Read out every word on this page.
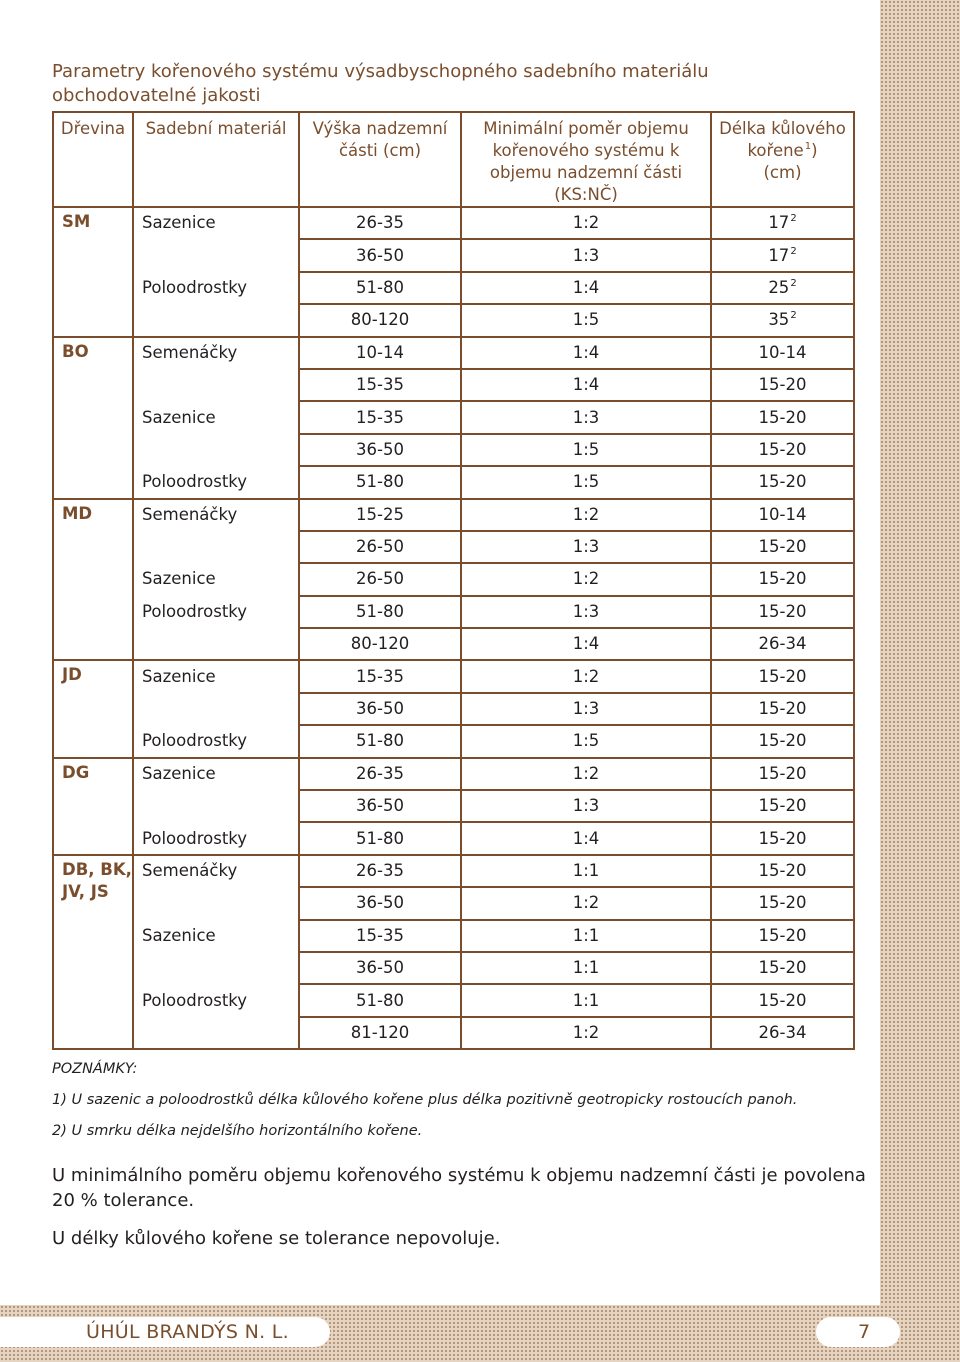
Parametry kořenového systému výsadbyschopného sadebního materiálu obchodovatelné jakosti
Dřevina	Sadební materiál	Výška nadzemní části (cm)	Minimální poměr objemu kořenového systému k objemu nadzemní části (KS:NČ)	Délka kůlového kořene$^1$)
(cm)
SM	Sazenice	26-35	1:2	$17^2$
		36-50	1:3	$17^2$
	Poloodrostky	51-80	1:4	$25^2$
		80-120	1:5	$35^2$
BO	Semenáčky	10-14	1:4	10-14
		15-35	1:4	15-20
	Sazenice	15-35	1:3	15-20
		36-50	1:5	15-20
	Poloodrostky	51-80	1:5	15-20
MD	Semenáčky	15-25	1:2	10-14
		26-50	1:3	15-20
	Sazenice	26-50	1:2	15-20
	Poloodrostky	51-80	1:3	15-20
		80-120	1:4	26-34
JD	Sazenice	15-35	1:2	15-20
		36-50	1:3	15-20
	Poloodrostky	51-80	1:5	15-20
DG	Sazenice	26-35	1:2	15-20
		36-50	1:3	15-20
	Poloodrostky	51-80	1:4	15-20
DB, BK, JV, JS	Semenáčky	26-35	1:1	15-20
		36-50	1:2	15-20
	Sazenice	15-35	1:1	15-20
		36-50	1:1	15-20
	Poloodrostky	51-80	1:1	15-20
		81-120	1:2	26-34
POZNÁMKY:
1) U sazenic a poloodrostků délka kůlového kořene plus délka pozitivně geotropicky rostoucích panoh.
2) U smrku délka nejdelšího horizontálního kořene.
U minimálního poměru objemu kořenového systému k objemu nadzemní části je povolena 20 % tolerance.
U délky kůlového kořene se tolerance nepovoluje.
ÚHÚL BRANDÝS N. L.	7
